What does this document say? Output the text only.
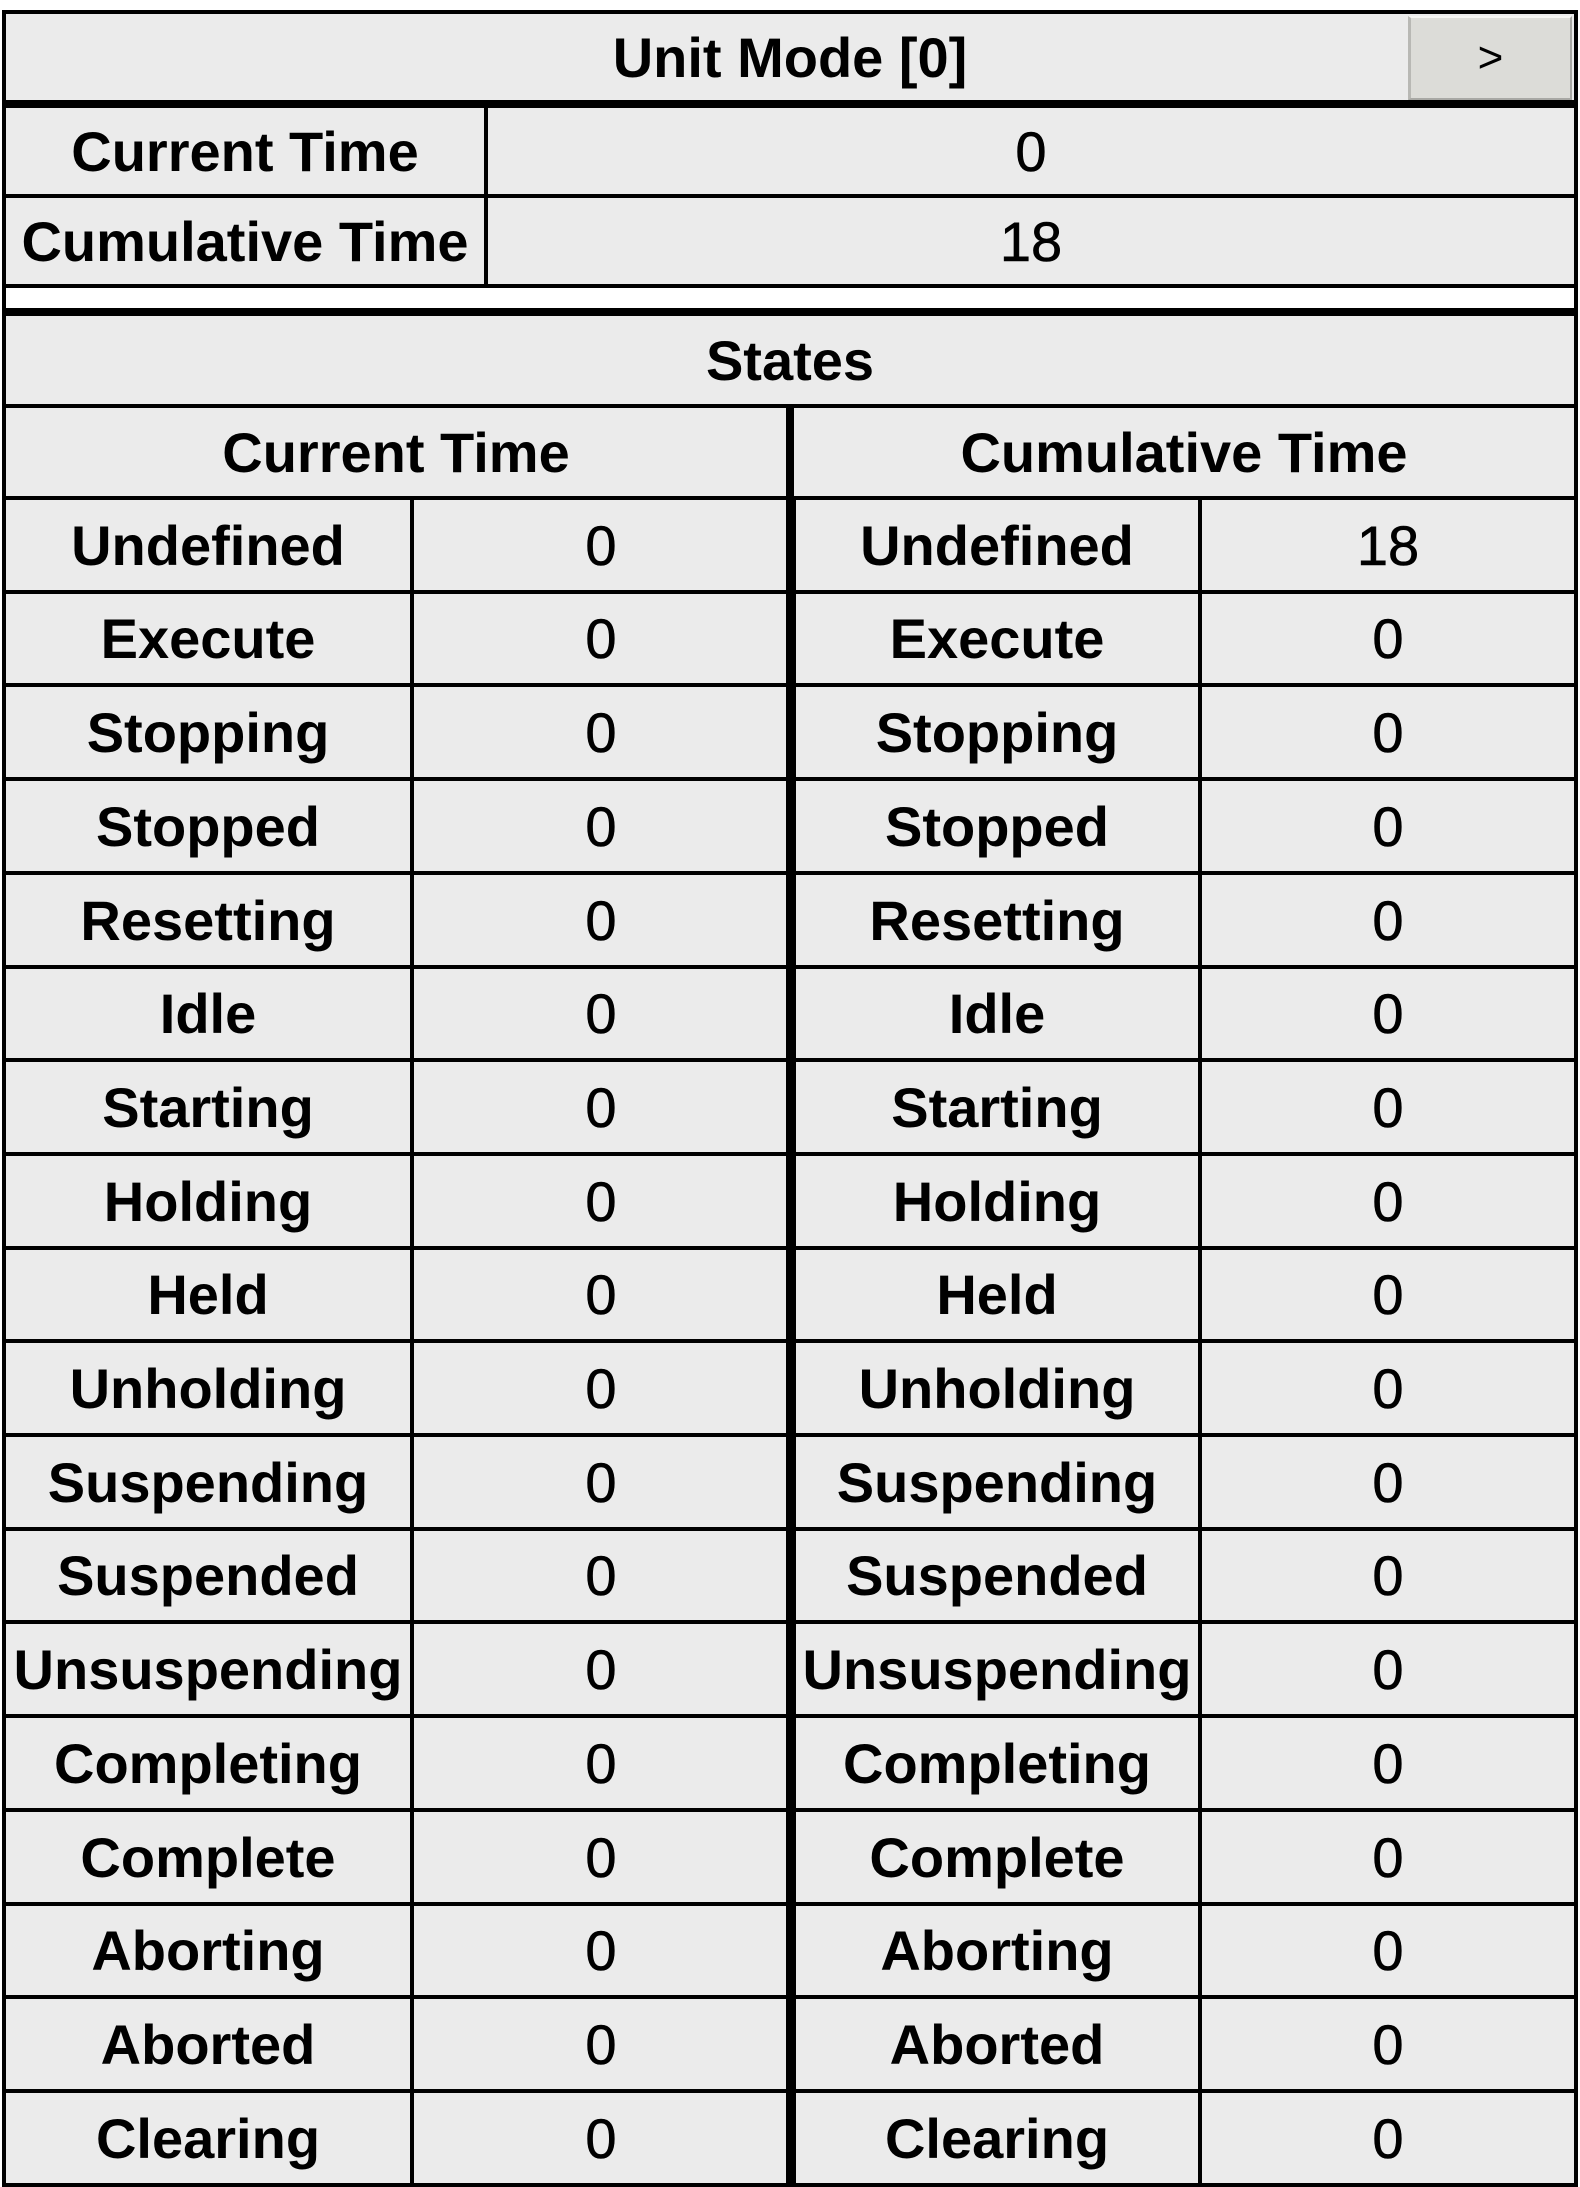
Unit Mode [0]	>
Current Time	0
Cumulative Time	18
States
Current Time	Cumulative Time
Undefined	0	Undefined	18
Execute	0	Execute	0
Stopping	0	Stopping	0
Stopped	0	Stopped	0
Resetting	0	Resetting	0
Idle	0	Idle	0
Starting	0	Starting	0
Holding	0	Holding	0
Held	0	Held	0
Unholding	0	Unholding	0
Suspending	0	Suspending	0
Suspended	0	Suspended	0
Unsuspending	0	Unsuspending	0
Completing	0	Completing	0
Complete	0	Complete	0
Aborting	0	Aborting	0
Aborted	0	Aborted	0
Clearing	0	Clearing	0
